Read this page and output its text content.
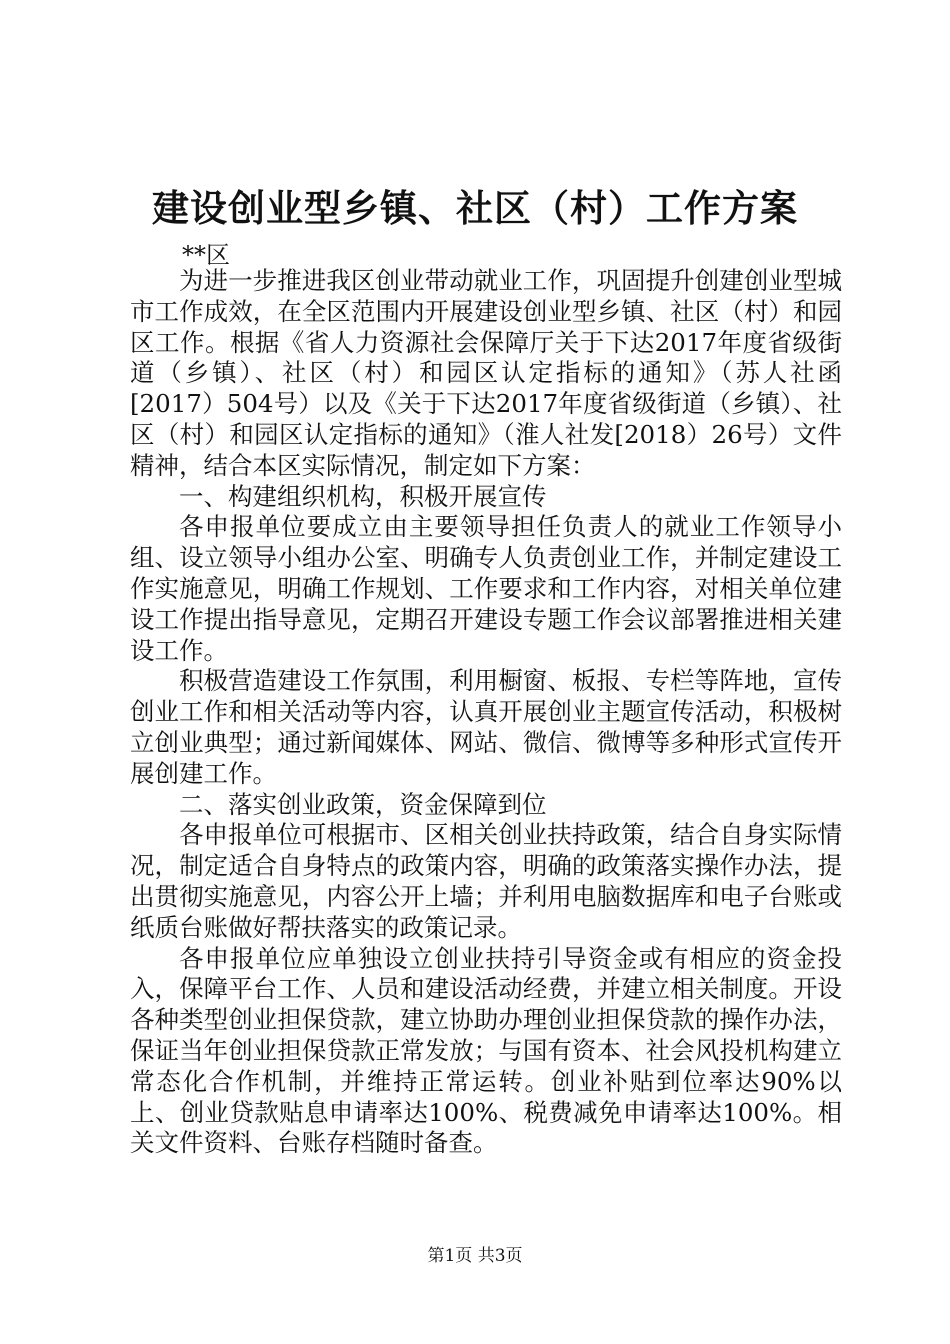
建设创业型乡镇、社区（村）工作方案
**区

为进一步推进我区创业带动就业工作，巩固提升创建创业型城市工作成效，在全区范围内开展建设创业型乡镇、社区（村）和园区工作。根据《省人力资源社会保障厅关于下达2017年度省级街道（乡镇）、社区（村）和园区认定指标的通知》（苏人社函[2017）504号）以及《关于下达2017年度省级街道（乡镇）、社区（村）和园区认定指标的通知》（淮人社发[2018）26号）文件精神，结合本区实际情况，制定如下方案：

一、构建组织机构，积极开展宣传

各申报单位要成立由主要领导担任负责人的就业工作领导小组、设立领导小组办公室、明确专人负责创业工作，并制定建设工作实施意见，明确工作规划、工作要求和工作内容，对相关单位建设工作提出指导意见，定期召开建设专题工作会议部署推进相关建设工作。

积极营造建设工作氛围，利用橱窗、板报、专栏等阵地，宣传创业工作和相关活动等内容，认真开展创业主题宣传活动，积极树立创业典型；通过新闻媒体、网站、微信、微博等多种形式宣传开展创建工作。

二、落实创业政策，资金保障到位

各申报单位可根据市、区相关创业扶持政策，结合自身实际情况，制定适合自身特点的政策内容，明确的政策落实操作办法，提出贯彻实施意见，内容公开上墙；并利用电脑数据库和电子台账或纸质台账做好帮扶落实的政策记录。

各申报单位应单独设立创业扶持引导资金或有相应的资金投入，保障平台工作、人员和建设活动经费，并建立相关制度。开设各种类型创业担保贷款，建立协助办理创业担保贷款的操作办法，保证当年创业担保贷款正常发放；与国有资本、社会风投机构建立常态化合作机制，并维持正常运转。创业补贴到位率达90%以上、创业贷款贴息申请率达100%、税费减免申请率达100%。相关文件资料、台账存档随时备查。

第1页 共3页
